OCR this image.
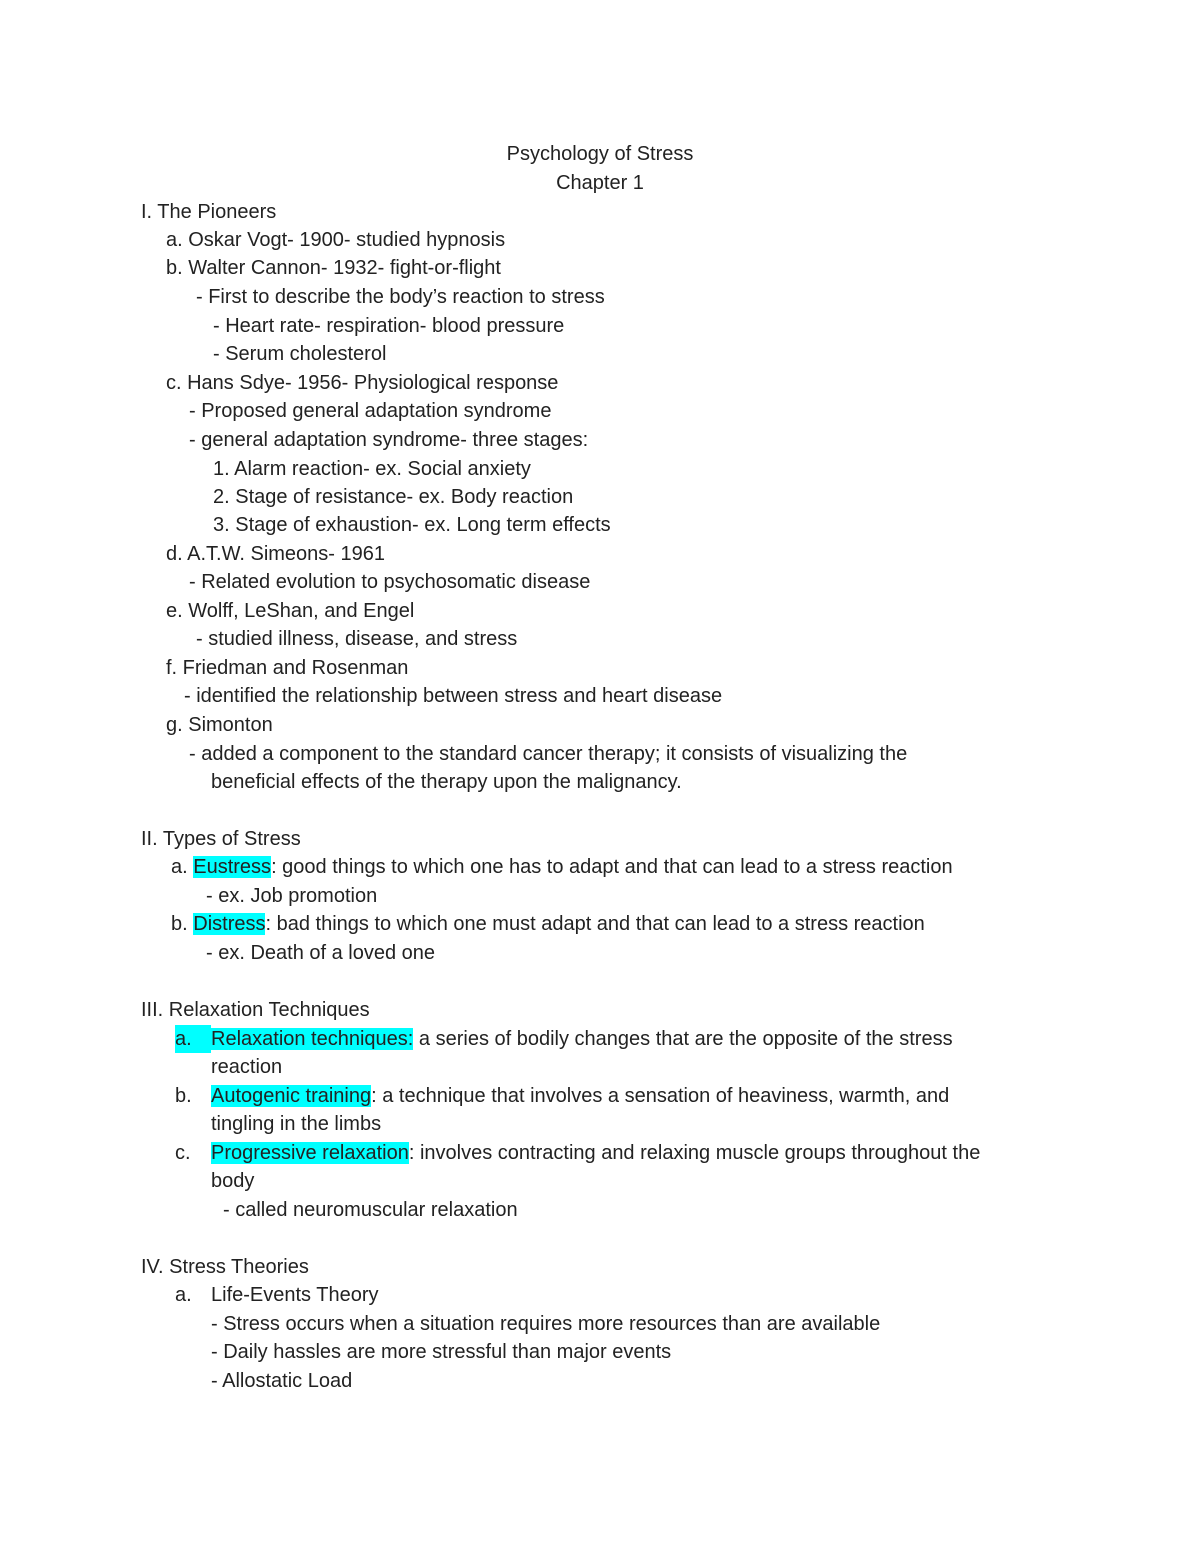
Psychology of Stress
Chapter 1
I. The Pioneers
a. Oskar Vogt- 1900- studied hypnosis
b. Walter Cannon- 1932- fight-or-flight
- First to describe the body’s reaction to stress
- Heart rate- respiration- blood pressure
- Serum cholesterol
c. Hans Sdye- 1956- Physiological response
- Proposed general adaptation syndrome
- general adaptation syndrome- three stages:
1. Alarm reaction- ex. Social anxiety
2. Stage of resistance- ex. Body reaction
3. Stage of exhaustion- ex. Long term effects
d. A.T.W. Simeons- 1961
- Related evolution to psychosomatic disease
e. Wolff, LeShan, and Engel
- studied illness, disease, and stress
f. Friedman and Rosenman
- identified the relationship between stress and heart disease
g. Simonton
- added a component to the standard cancer therapy; it consists of visualizing the
beneficial effects of the therapy upon the malignancy.
II. Types of Stress
a. Eustress: good things to which one has to adapt and that can lead to a stress reaction
- ex. Job promotion
b. Distress: bad things to which one must adapt and that can lead to a stress reaction
- ex. Death of a loved one
III. Relaxation Techniques
a. Relaxation techniques: a series of bodily changes that are the opposite of the stress
reaction
b. Autogenic training: a technique that involves a sensation of heaviness, warmth, and
tingling in the limbs
c. Progressive relaxation: involves contracting and relaxing muscle groups throughout the
body
- called neuromuscular relaxation
IV. Stress Theories
a. Life-Events Theory
- Stress occurs when a situation requires more resources than are available
- Daily hassles are more stressful than major events
- Allostatic Load
